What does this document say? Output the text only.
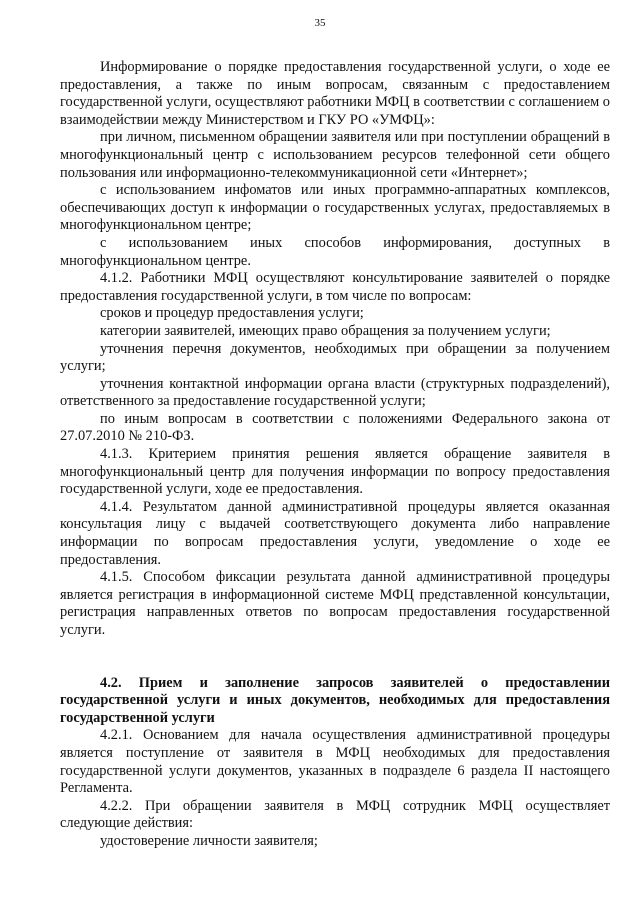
35

Информирование о порядке предоставления государственной услуги, о ходе ее предоставления, а также по иным вопросам, связанным с предоставлением государственной услуги, осуществляют работники МФЦ в соответствии с соглашением о взаимодействии между Министерством и ГКУ РО «УМФЦ»:

при личном, письменном обращении заявителя или при поступлении обращений в многофункциональный центр с использованием ресурсов телефонной сети общего пользования или информационно-телекоммуникационной сети «Интернет»;

с использованием инфоматов или иных программно-аппаратных комплексов, обеспечивающих доступ к информации о государственных услугах, предоставляемых в многофункциональном центре;

с использованием иных способов информирования, доступных в многофункциональном центре.

4.1.2. Работники МФЦ осуществляют консультирование заявителей о порядке предоставления государственной услуги, в том числе по вопросам:

сроков и процедур предоставления услуги;

категории заявителей, имеющих право обращения за получением услуги;

уточнения перечня документов, необходимых при обращении за получением услуги;

уточнения контактной информации органа власти (структурных подразделений), ответственного за предоставление государственной услуги;

по иным вопросам в соответствии с положениями Федерального закона от 27.07.2010 № 210-ФЗ.

4.1.3. Критерием принятия решения является обращение заявителя в многофункциональный центр для получения информации по вопросу предоставления государственной услуги, ходе ее предоставления.

4.1.4. Результатом данной административной процедуры является оказанная консультация лицу с выдачей соответствующего документа либо направление информации по вопросам предоставления услуги, уведомление о ходе ее предоставления.

4.1.5. Способом фиксации результата данной административной процедуры является регистрация в информационной системе МФЦ представленной консультации, регистрация направленных ответов по вопросам предоставления государственной услуги.

4.2. Прием и заполнение запросов заявителей о предоставлении государственной услуги и иных документов, необходимых для предоставления государственной услуги

4.2.1. Основанием для начала осуществления административной процедуры является поступление от заявителя в МФЦ необходимых для предоставления государственной услуги документов, указанных в подразделе 6 раздела II настоящего Регламента.

4.2.2. При обращении заявителя в МФЦ сотрудник МФЦ осуществляет следующие действия:

удостоверение личности заявителя;
